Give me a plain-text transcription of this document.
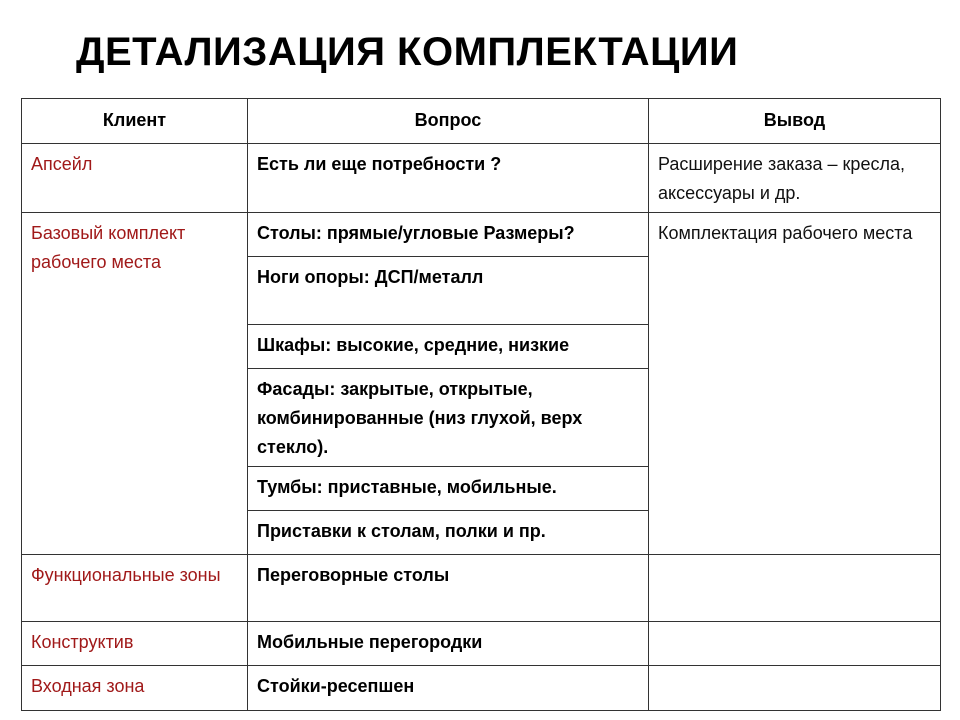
ДЕТАЛИЗАЦИЯ КОМПЛЕКТАЦИИ
Клиент	Вопрос	Вывод
Апсейл	Есть ли еще потребности ?	Расширение заказа – кресла, аксессуары и др.
Базовый комплект рабочего места	Столы: прямые/угловые Размеры?	Комплектация рабочего места
	Ноги опоры: ДСП/металл	
	Шкафы: высокие, средние, низкие	
	Фасады: закрытые, открытые, комбинированные (низ глухой, верх стекло).	
	Тумбы: приставные, мобильные.	
	Приставки к столам, полки и пр.	
Функциональные зоны	Переговорные столы	
Конструктив	Мобильные перегородки	
Входная зона	Стойки-ресепшен	
